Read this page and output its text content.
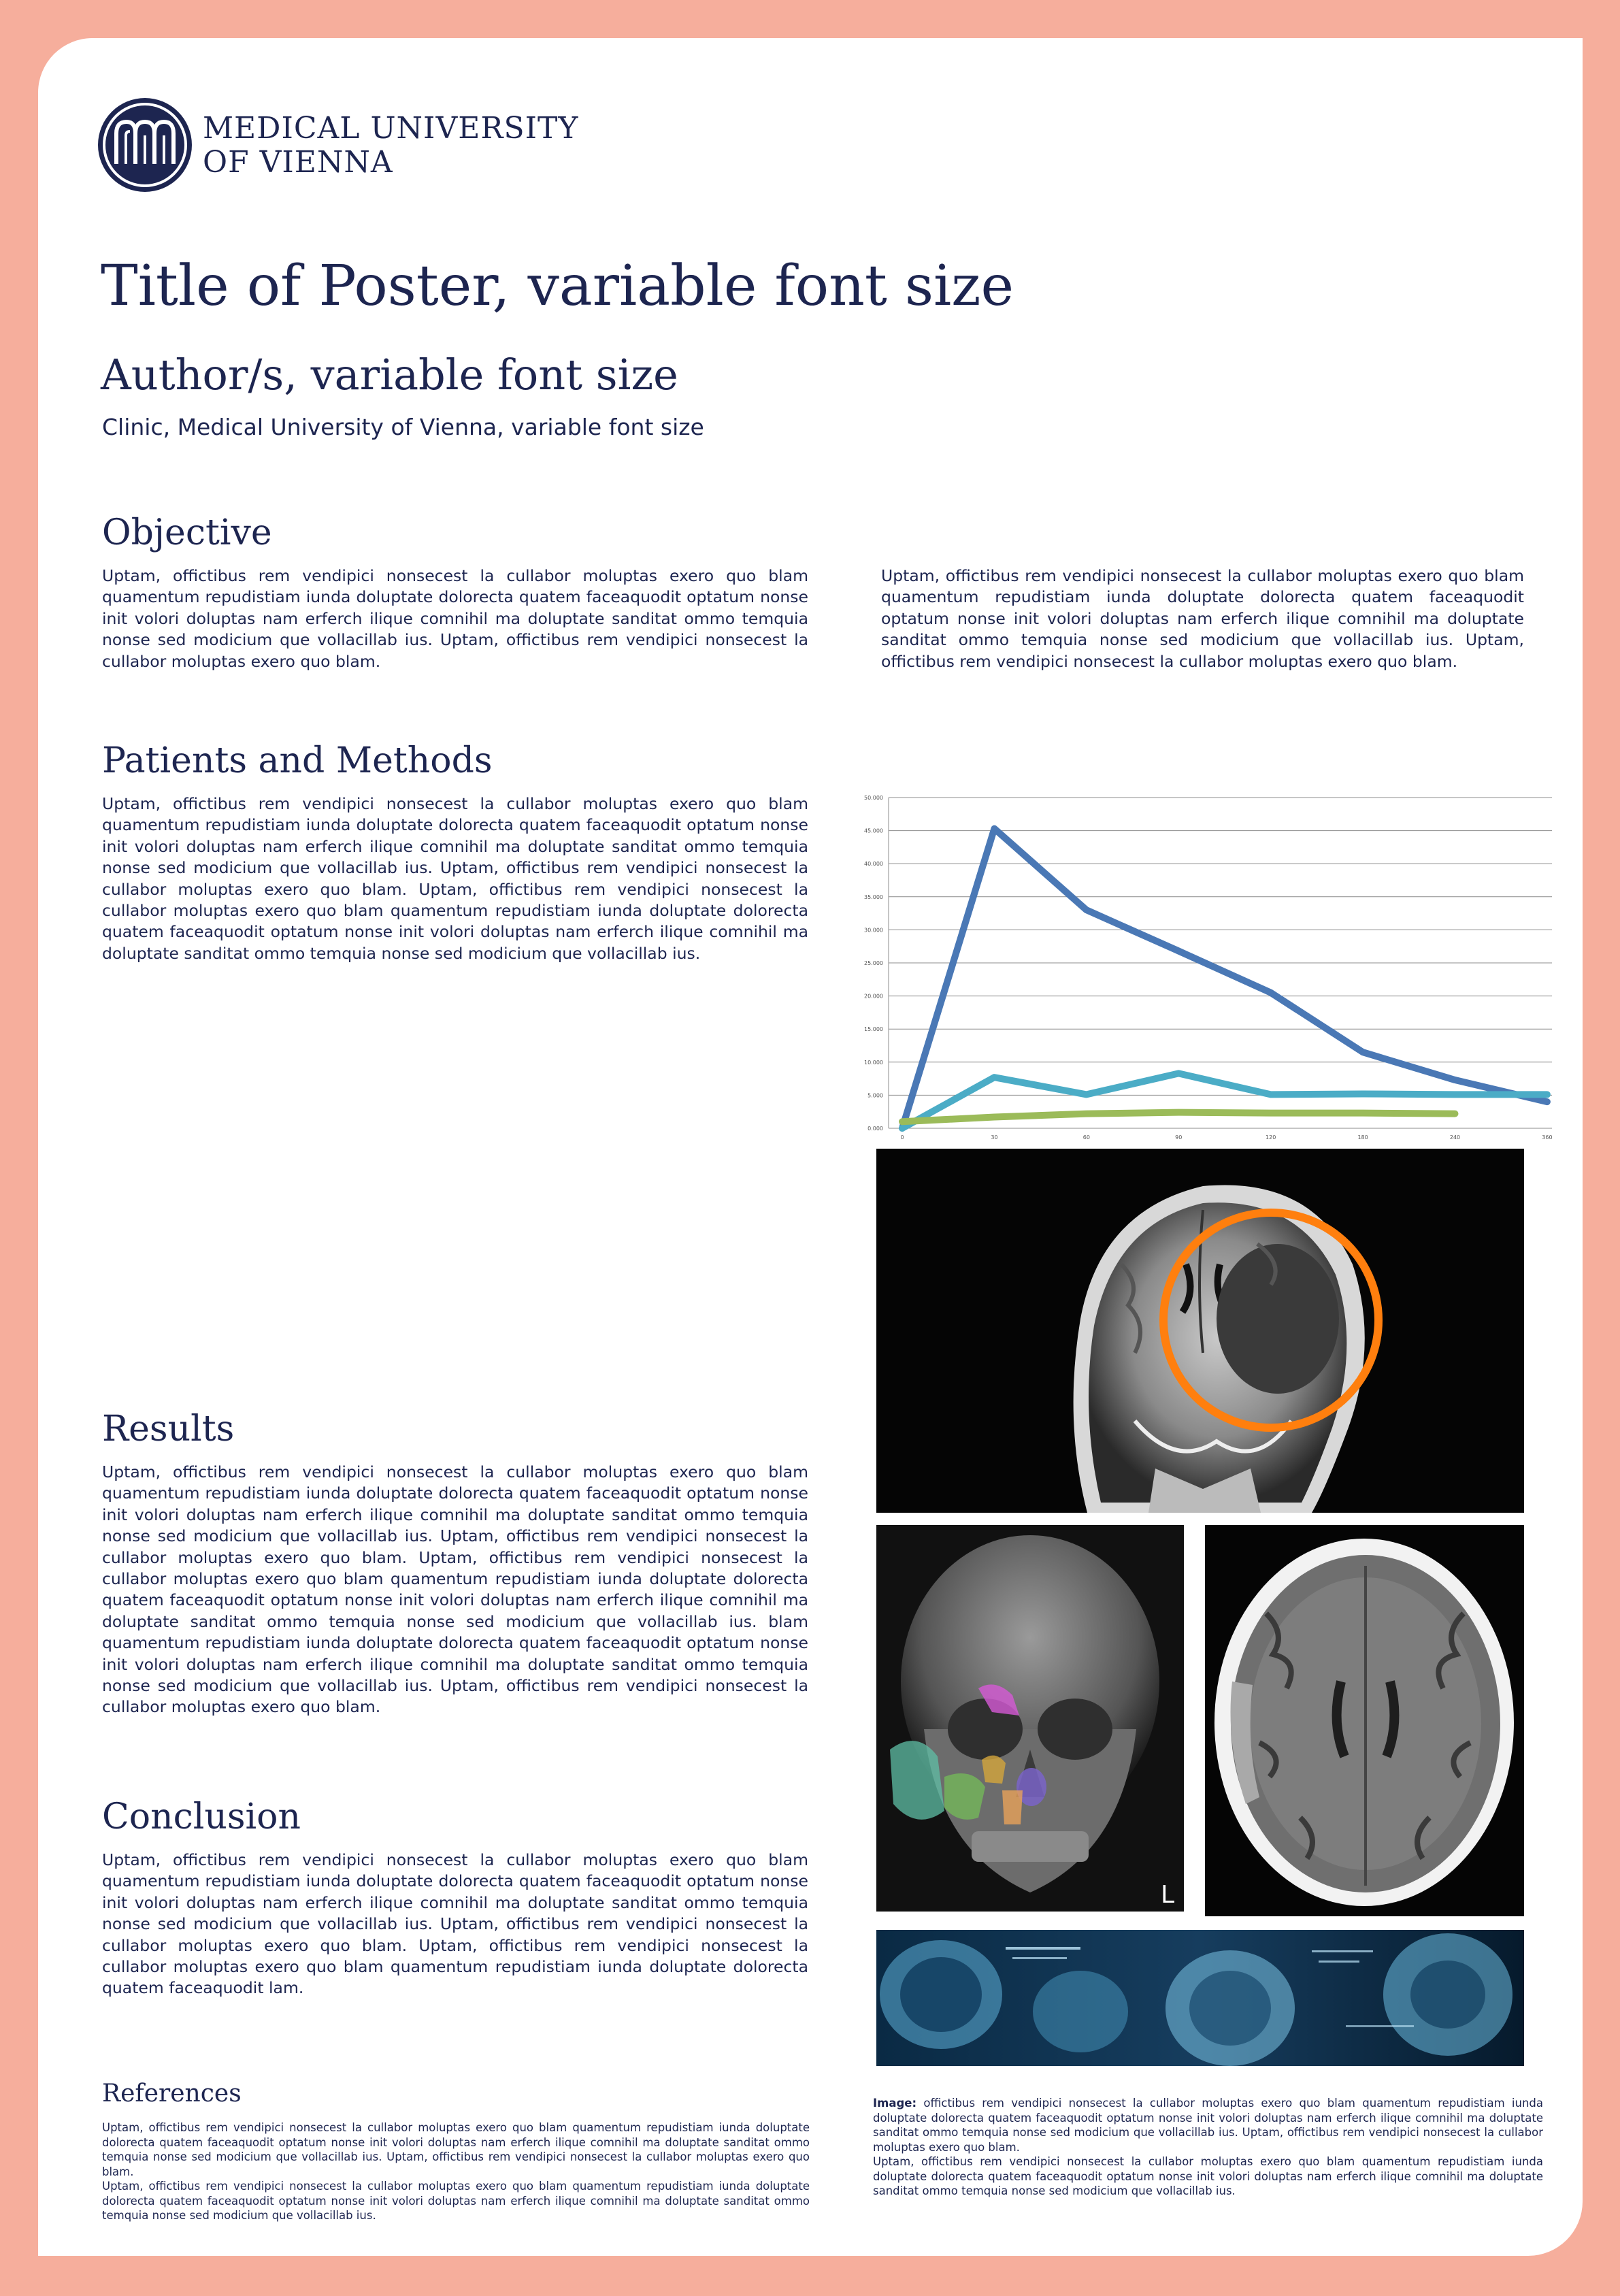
MEDICAL UNIVERSITY
OF VIENNA
Title of Poster, variable font size
Author/s, variable font size
Clinic, Medical University of Vienna, variable font size
Objective

Uptam, offictibus rem vendipici nonsecest la cullabor moluptas exero quo blam quamentum repudistiam iunda doluptate dolorecta quatem faceaquodit optatum nonse init volori doluptas nam erferch ilique comnihil ma doluptate sanditat ommo temquia nonse sed modicium que vollacillab ius. Uptam, offictibus rem vendipici nonsecest la cullabor moluptas exero quo blam.

Uptam, offictibus rem vendipici nonsecest la cullabor moluptas exero quo blam quamentum repudistiam iunda doluptate dolorecta quatem faceaquodit optatum nonse init volori doluptas nam erferch ilique comnihil ma doluptate sanditat ommo temquia nonse sed modicium que vollacillab ius. Uptam, offictibus rem vendipici nonsecest la cullabor moluptas exero quo blam.

Patients and Methods

Uptam, offictibus rem vendipici nonsecest la cullabor moluptas exero quo blam quamentum repudistiam iunda doluptate dolorecta quatem faceaquodit optatum nonse init volori doluptas nam erferch ilique comnihil ma doluptate sanditat ommo temquia nonse sed modicium que vollacillab ius. Uptam, offictibus rem vendipici nonsecest la cullabor moluptas exero quo blam. Uptam, offictibus rem vendipici nonsecest la cullabor moluptas exero quo blam quamentum repudistiam iunda doluptate dolorecta quatem faceaquodit optatum nonse init volori doluptas nam erferch ilique comnihil ma doluptate sanditat ommo temquia nonse sed modicium que vollacillab ius.

0.000
5.000
10.000
15.000
20.000
25.000
30.000
35.000
40.000
45.000
50.000
0	30	60	90	120	180	240	360
L
Results

Uptam, offictibus rem vendipici nonsecest la cullabor moluptas exero quo blam quamentum repudistiam iunda doluptate dolorecta quatem faceaquodit optatum nonse init volori doluptas nam erferch ilique comnihil ma doluptate sanditat ommo temquia nonse sed modicium que vollacillab ius. Uptam, offictibus rem vendipici nonsecest la cullabor moluptas exero quo blam. Uptam, offictibus rem vendipici nonsecest la cullabor moluptas exero quo blam quamentum repudistiam iunda doluptate dolorecta quatem faceaquodit optatum nonse init volori doluptas nam erferch ilique comnihil ma doluptate sanditat ommo temquia nonse sed modicium que vollacillab ius. blam quamentum repudistiam iunda doluptate dolorecta quatem faceaquodit optatum nonse init volori doluptas nam erferch ilique comnihil ma doluptate sanditat ommo temquia nonse sed modicium que vollacillab ius. Uptam, offictibus rem vendipici nonsecest la cullabor moluptas exero quo blam.

Conclusion

Uptam, offictibus rem vendipici nonsecest la cullabor moluptas exero quo blam quamentum repudistiam iunda doluptate dolorecta quatem faceaquodit optatum nonse init volori doluptas nam erferch ilique comnihil ma doluptate sanditat ommo temquia nonse sed modicium que vollacillab ius. Uptam, offictibus rem vendipici nonsecest la cullabor moluptas exero quo blam. Uptam, offictibus rem vendipici nonsecest la cullabor moluptas exero quo blam quamentum repudistiam iunda doluptate dolorecta quatem faceaquodit lam.

References

Uptam, offictibus rem vendipici nonsecest la cullabor moluptas exero quo blam quamentum repudistiam iunda doluptate dolorecta quatem faceaquodit optatum nonse init volori doluptas nam erferch ilique comnihil ma doluptate sanditat ommo temquia nonse sed modicium que vollacillab ius. Uptam, offictibus rem vendipici nonsecest la cullabor moluptas exero quo blam.

Uptam, offictibus rem vendipici nonsecest la cullabor moluptas exero quo blam quamentum repudistiam iunda doluptate dolorecta quatem faceaquodit optatum nonse init volori doluptas nam erferch ilique comnihil ma doluptate sanditat ommo temquia nonse sed modicium que vollacillab ius.

Image: offictibus rem vendipici nonsecest la cullabor moluptas exero quo blam quamentum repudistiam iunda doluptate dolorecta quatem faceaquodit optatum nonse init volori doluptas nam erferch ilique comnihil ma doluptate sanditat ommo temquia nonse sed modicium que vollacillab ius. Uptam, offictibus rem vendipici nonsecest la cullabor moluptas exero quo blam.

Uptam, offictibus rem vendipici nonsecest la cullabor moluptas exero quo blam quamentum repudistiam iunda doluptate dolorecta quatem faceaquodit optatum nonse init volori doluptas nam erferch ilique comnihil ma doluptate sanditat ommo temquia nonse sed modicium que vollacillab ius.
